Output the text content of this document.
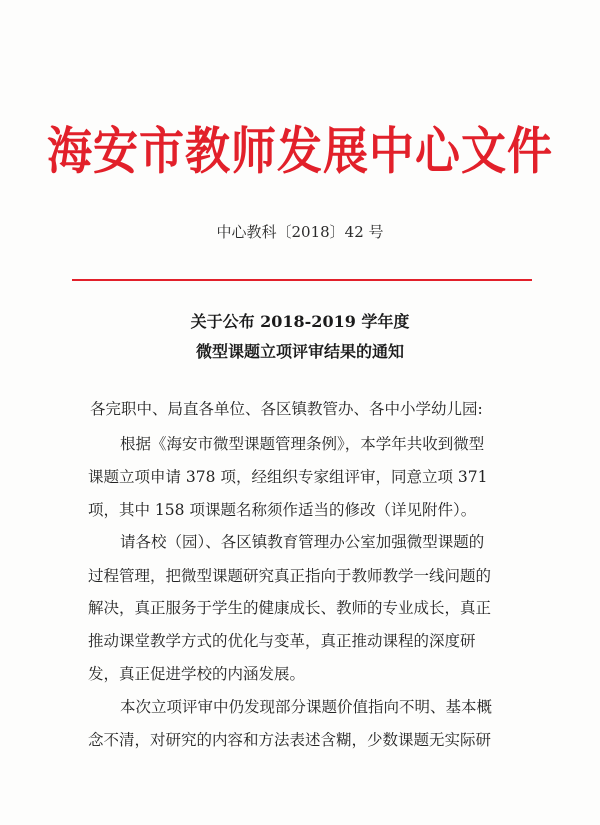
海安市教师发展中心文件
中心教科〔2018〕42 号
关于公布 2018-2019 学年度
微型课题立项评审结果的通知
各完职中、局直各单位、各区镇教管办、各中小学幼儿园:
根据《海安市微型课题管理条例》，本学年共收到微型
课题立项申请 378 项，经组织专家组评审，同意立项 371
项，其中 158 项课题名称须作适当的修改（详见附件）。
请各校（园）、各区镇教育管理办公室加强微型课题的
过程管理，把微型课题研究真正指向于教师教学一线问题的
解决，真正服务于学生的健康成长、教师的专业成长，真正
推动课堂教学方式的优化与变革，真正推动课程的深度研
发，真正促进学校的内涵发展。
本次立项评审中仍发现部分课题价值指向不明、基本概
念不清，对研究的内容和方法表述含糊，少数课题无实际研
